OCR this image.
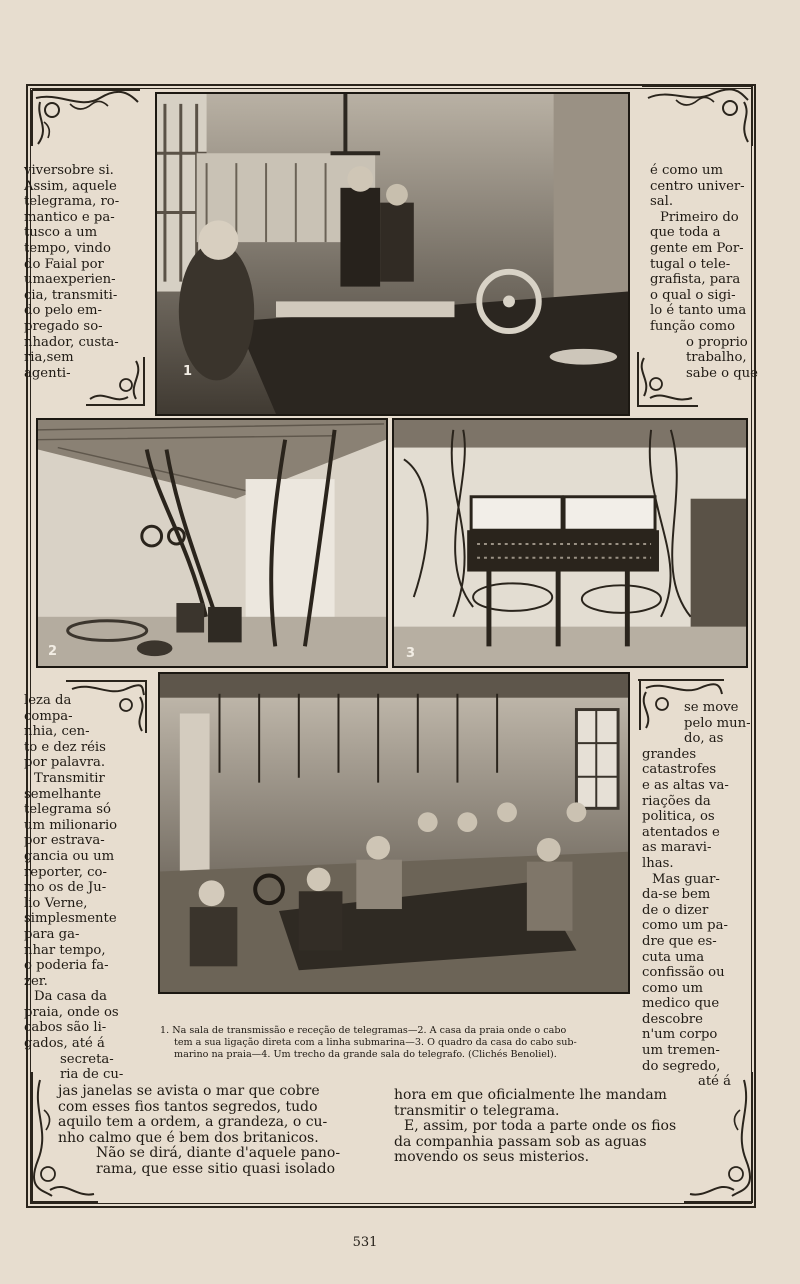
1
2	3
viversobre si.
Assim, aquele
telegrama, ro-
mantico e pa-
tusco a um
tempo, vindo
do Faial por
umaexperien-
cia, transmiti-
do pelo em-
pregado so-
nhador, custa-
ria,sem
agenti-
é como um
centro univer-
sal.
Primeiro do
que toda a
gente em Por-
tugal o tele-
grafista, para
o qual o sigi-
lo é tanto uma
função como
o proprio
trabalho,
sabe o que
leza da
compa-
nhia, cen-
to e dez réis
por palavra.
Transmitir
semelhante
telegrama só
um milionario
por estrava-
gancia ou um
reporter, co-
mo os de Ju-
lio Verne,
simplesmente
para ga-
nhar tempo,
o poderia fa-
zer.
Da casa da
praia, onde os
cabos são li-
gados, até á
secreta-
ria de cu-
se move
pelo mun-
do, as
grandes
catastrofes
e as altas va-
riações da
politica, os
atentados e
as maravi-
lhas.
Mas guar-
da-se bem
de o dizer
como um pa-
dre que es-
cuta uma
confissão ou
como um
medico que
descobre
n'um corpo
um tremen-
do segredo,
até á
1. Na sala de transmissão e receção de telegramas—2. A casa da praia onde o cabo
tem a sua ligação direta com a linha submarina—3. O quadro da casa do cabo sub-
marino na praia—4. Um trecho da grande sala do telegrafo. (Clichés Benoliel).
jas janelas se avista o mar que cobre
com esses fios tantos segredos, tudo
aquilo tem a ordem, a grandeza, o cu-
nho calmo que é bem dos britanicos.
Não se dirá, diante d'aquele pano-
rama, que esse sitio quasi isolado
hora em que oficialmente lhe mandam
transmitir o telegrama.
E, assim, por toda a parte onde os fios
da companhia passam sob as aguas
movendo os seus misterios.
531
